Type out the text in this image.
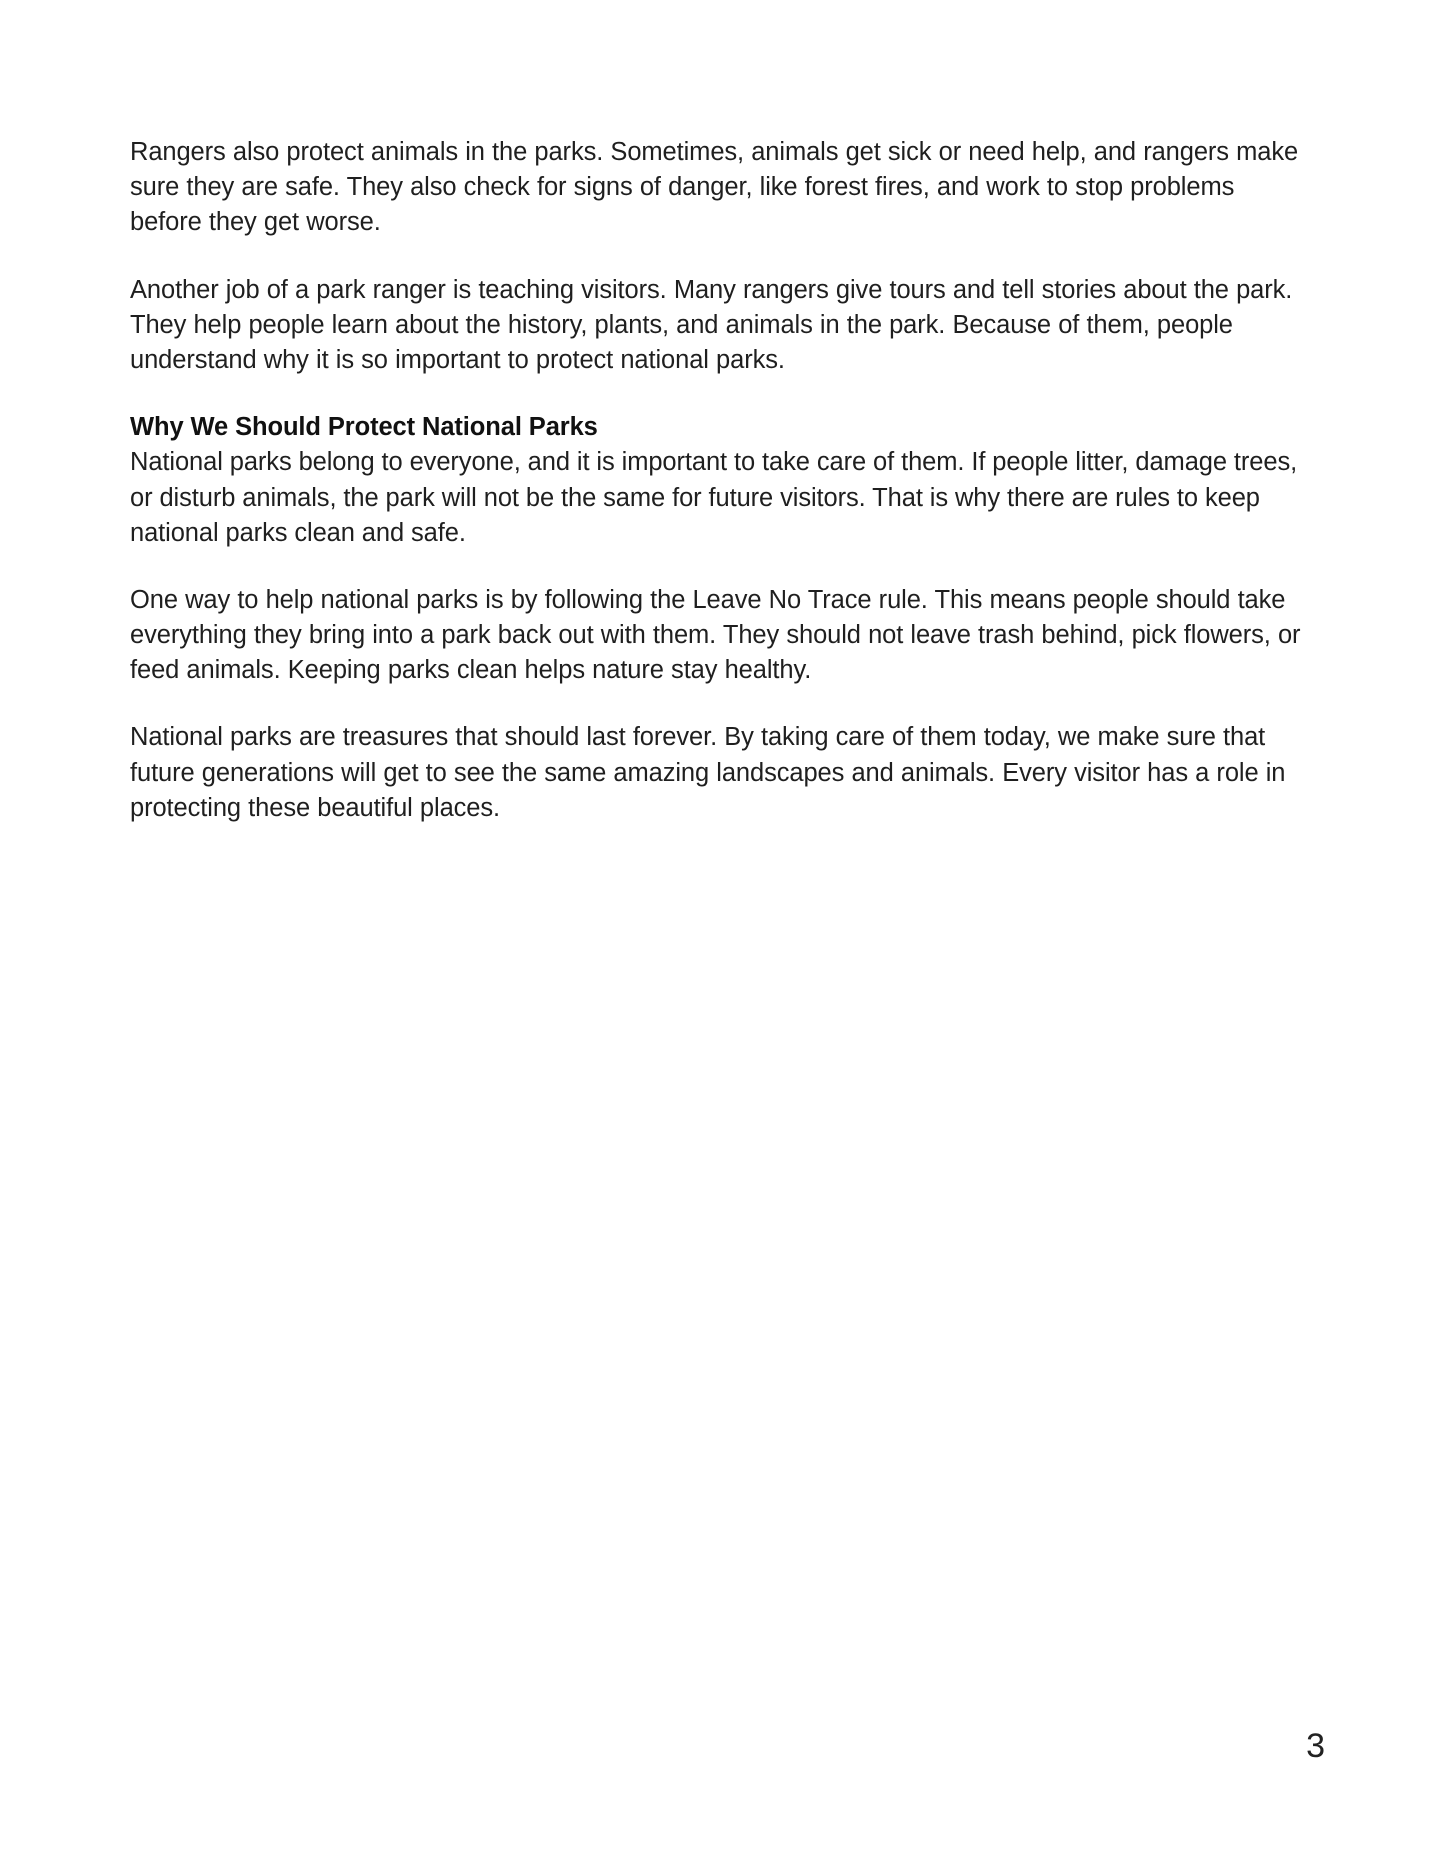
Rangers also protect animals in the parks. Sometimes, animals get sick or need help, and rangers make sure they are safe. They also check for signs of danger, like forest fires, and work to stop problems before they get worse.

Another job of a park ranger is teaching visitors. Many rangers give tours and tell stories about the park. They help people learn about the history, plants, and animals in the park. Because of them, people understand why it is so important to protect national parks.

Why We Should Protect National Parks

National parks belong to everyone, and it is important to take care of them. If people litter, damage trees, or disturb animals, the park will not be the same for future visitors. That is why there are rules to keep national parks clean and safe.

One way to help national parks is by following the Leave No Trace rule. This means people should take everything they bring into a park back out with them. They should not leave trash behind, pick flowers, or feed animals. Keeping parks clean helps nature stay healthy.

National parks are treasures that should last forever. By taking care of them today, we make sure that future generations will get to see the same amazing landscapes and animals. Every visitor has a role in protecting these beautiful places.

3
